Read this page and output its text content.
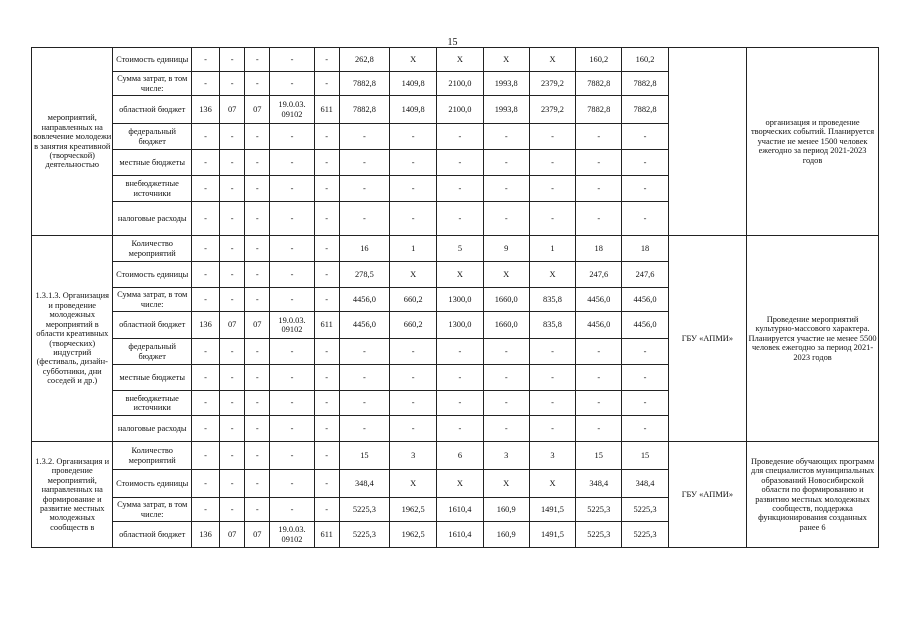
15
мероприятий, направленных на вовлечение молодежи в занятия креативной (творческой) деятельностью	Стоимость единицы	-	-	-	-	-	262,8	X	X	X	X	160,2	160,2		организация и проведение творческих событий. Планируется участие не менее 1500 человек ежегодно за период 2021-2023 годов
	Сумма затрат, в том числе:	-	-	-	-	-	7882,8	1409,8	2100,0	1993,8	2379,2	7882,8	7882,8		
	областной бюджет	136	07	07	19.0.03. 09102	611	7882,8	1409,8	2100,0	1993,8	2379,2	7882,8	7882,8		
	федеральный бюджет	-	-	-	-	-	-	-	-	-	-	-	-		
	местные бюджеты	-	-	-	-	-	-	-	-	-	-	-	-		
	внебюджетные источники	-	-	-	-	-	-	-	-	-	-	-	-		
	налоговые расходы	-	-	-	-	-	-	-	-	-	-	-	-		
1.3.1.3. Организация и проведение молодежных мероприятий в области креативных (творческих) индустрий (фестиваль, дизайн-субботники, дни соседей и др.)	Количество мероприятий	-	-	-	-	-	16	1	5	9	1	18	18	ГБУ «АПМИ»	Проведение мероприятий культурно-массового характера. Планируется участие не менее 5500 человек ежегодно за период 2021-2023 годов
	Стоимость единицы	-	-	-	-	-	278,5	X	X	X	X	247,6	247,6		
	Сумма затрат, в том числе:	-	-	-	-	-	4456,0	660,2	1300,0	1660,0	835,8	4456,0	4456,0		
	областной бюджет	136	07	07	19.0.03. 09102	611	4456,0	660,2	1300,0	1660,0	835,8	4456,0	4456,0		
	федеральный бюджет	-	-	-	-	-	-	-	-	-	-	-	-		
	местные бюджеты	-	-	-	-	-	-	-	-	-	-	-	-		
	внебюджетные источники	-	-	-	-	-	-	-	-	-	-	-	-		
	налоговые расходы	-	-	-	-	-	-	-	-	-	-	-	-		
1.3.2. Организация и проведение мероприятий, направленных на формирование и развитие местных молодежных сообществ в	Количество мероприятий	-	-	-	-	-	15	3	6	3	3	15	15	ГБУ «АПМИ»	Проведение обучающих программ для специалистов муниципальных образований Новосибирской области по формированию и развитию местных молодежных сообществ, поддержка функционирования созданных ранее 6
	Стоимость единицы	-	-	-	-	-	348,4	X	X	X	X	348,4	348,4		
	Сумма затрат, в том числе:	-	-	-	-	-	5225,3	1962,5	1610,4	160,9	1491,5	5225,3	5225,3		
	областной бюджет	136	07	07	19.0.03. 09102	611	5225,3	1962,5	1610,4	160,9	1491,5	5225,3	5225,3		
